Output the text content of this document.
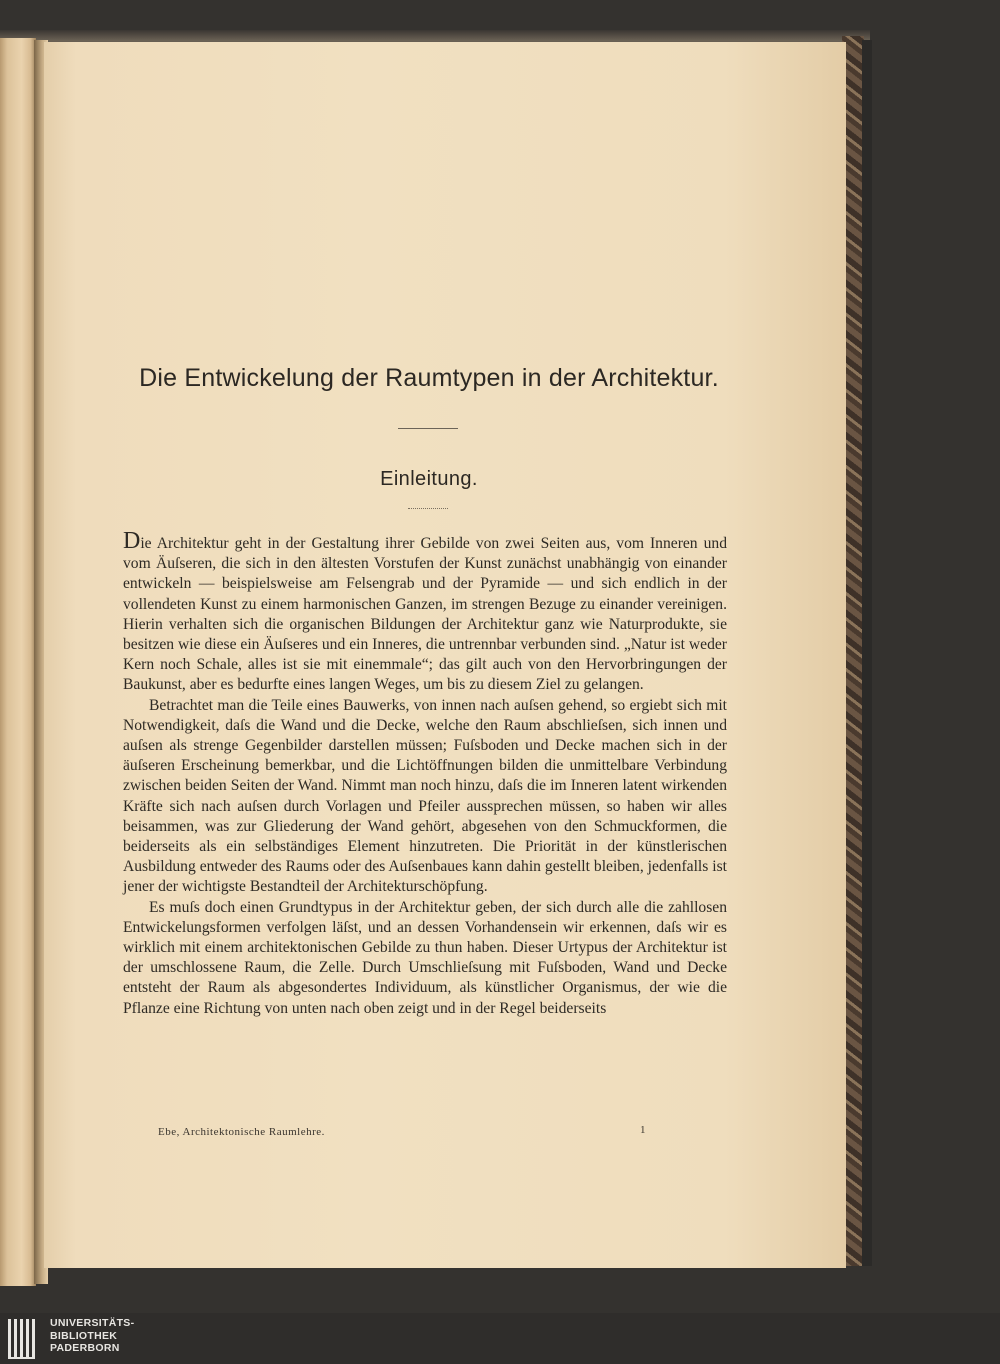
Die Entwickelung der Raumtypen in der Architektur.
Einleitung.

Die Architektur geht in der Gestaltung ihrer Gebilde von zwei Seiten aus, vom Inneren und vom Äuſseren, die sich in den ältesten Vorstufen der Kunst zunächst unabhängig von einander entwickeln — beispielsweise am Felsengrab und der Pyramide — und sich endlich in der vollendeten Kunst zu einem harmonischen Ganzen, im strengen Bezuge zu einander vereinigen. Hierin verhalten sich die organischen Bildungen der Architektur ganz wie Naturprodukte, sie besitzen wie diese ein Äuſseres und ein Inneres, die untrennbar verbunden sind. „Natur ist weder Kern noch Schale, alles ist sie mit einemmale“; das gilt auch von den Hervorbringungen der Baukunst, aber es bedurfte eines langen Weges, um bis zu diesem Ziel zu gelangen.

Betrachtet man die Teile eines Bauwerks, von innen nach auſsen gehend, so ergiebt sich mit Notwendigkeit, daſs die Wand und die Decke, welche den Raum abschlieſsen, sich innen und auſsen als strenge Gegenbilder darstellen müssen; Fuſsboden und Decke machen sich in der äuſseren Erscheinung bemerkbar, und die Lichtöffnungen bilden die unmittelbare Verbindung zwischen beiden Seiten der Wand. Nimmt man noch hinzu, daſs die im Inneren latent wirkenden Kräfte sich nach auſsen durch Vorlagen und Pfeiler aussprechen müssen, so haben wir alles beisammen, was zur Gliederung der Wand gehört, abgesehen von den Schmuckformen, die beiderseits als ein selbständiges Element hinzutreten. Die Priorität in der künstlerischen Ausbildung entweder des Raums oder des Auſsenbaues kann dahin gestellt bleiben, jedenfalls ist jener der wichtigste Bestandteil der Architekturschöpfung.

Es muſs doch einen Grundtypus in der Architektur geben, der sich durch alle die zahllosen Entwickelungsformen verfolgen läſst, und an dessen Vorhandensein wir erkennen, daſs wir es wirklich mit einem architektonischen Gebilde zu thun haben. Dieser Urtypus der Architektur ist der umschlossene Raum, die Zelle. Durch Umschlieſsung mit Fuſsboden, Wand und Decke entsteht der Raum als abgesondertes Individuum, als künstlicher Organismus, der wie die Pflanze eine Richtung von unten nach oben zeigt und in der Regel beiderseits

Ebe, Architektonische Raumlehre.	1
UNIVERSITÄTS-
BIBLIOTHEK
PADERBORN
